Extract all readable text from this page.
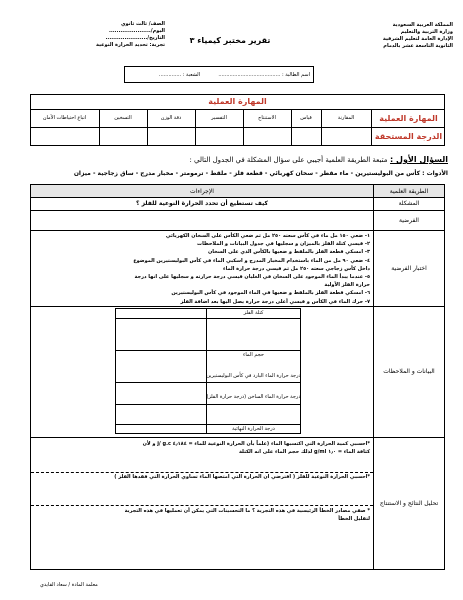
المملكة العربية السعودية
وزارة التربية والتعليم
الإدارة العامة لتعليم الشرقية
الثانوية التاسعة عشر بالدمام
تقرير مختبر كيمياء ٣
الصف/ ثالث ثانوي
اليوم/......................
التاريخ/......................
تجربة: تحديد الحرارة النوعية
اسم الطالبة : .......................................
الشعبة : ..............
المهارة العملية
المهارة العملية
الدرجة المستحقة
المقارنة
قياس
الاستنتاج
التفسير
دقة الوزن
التسخين
اتباع احتياطات الأمان
السؤال الأول : متبعة الطريقة العلمية أجيبي على سؤال المشكلة في الجدول التالي :
الأدوات : كأس من البوليستيرين - ماء مقطر - سخان كهربائي - قطعة فلز - ملقط - ترمومتر - مخبار مدرج - ساق زجاجية - ميزان
الطريقة العلمية
الإجراءات
المشكلة
كيف تستطيع أن تحدد الحرارة النوعية للفلز ؟
الفرضية
اختبار الفرضية
١- ضعي ١٥٠ مل ماء في كأس سعته ٢٥٠ مل ثم ضعي الكأس على السخان الكهربائي
٢- قيسي كتلة الفلز بالميزان و سجليها في جدول البيانات و الملاحظات
٣- امسكي قطعة الفلز بالملقط و ضعيها بالكأس الذي على السخان
٤- ضعي ٩٠ مل من الماء باستخدام المخبار المدرج و اسكبي الماء في كأس البوليستيرين الموضوع
داخل كأس زجاجي سعته ٢٥٠ مل ثم قيسي درجة حرارة الماء
٥- عندما يبدأ الماء الموجود على السخان في الغليان قيسي درجة حرارته و سجليها على انها درجة
حرارة الفلز الأولية
٦- امسكي قطعة الفلز بالملقط و ضعيها في الماء الموجود في كأس البوليستيرين
٧- حرك الماء في الكأس و قيسي أعلى درجة حرارة يصل اليها بعد اضافة الفلز
البيانات و الملاحظات
كتلة الفلز
حجم الماء
درجة حرارة الماء البارد في كأس البوليستيرين
درجة حرارة الماء الساخن (درجة حرارة الفلز)
درجة الحرارة النهائية
تحليل النتائج و الاستنتاج
*احسبي كمية الحرارة التي اكتسبها الماء (علماً بأن الحرارة النوعية للماء = ٤٫١٨٤ j/ g.c و لأن
كثافة الماء = ١٫٠ g/ml لذلك حجم الماء على انه الكتلة
*احسبي الحرارة النوعية للفلز ( افترضي ان الحرارة التي امتصها الماء تساوي الحرارة التي فقدها الفلز )
* صفي مصادر الخطأ الرئيسية في هذه التجربة ؟ ما التحسينات التي يمكن أن تعمليها في هذه التجربة
لتقليل الخطأ
معلمة المادة / سعاد القايدي
